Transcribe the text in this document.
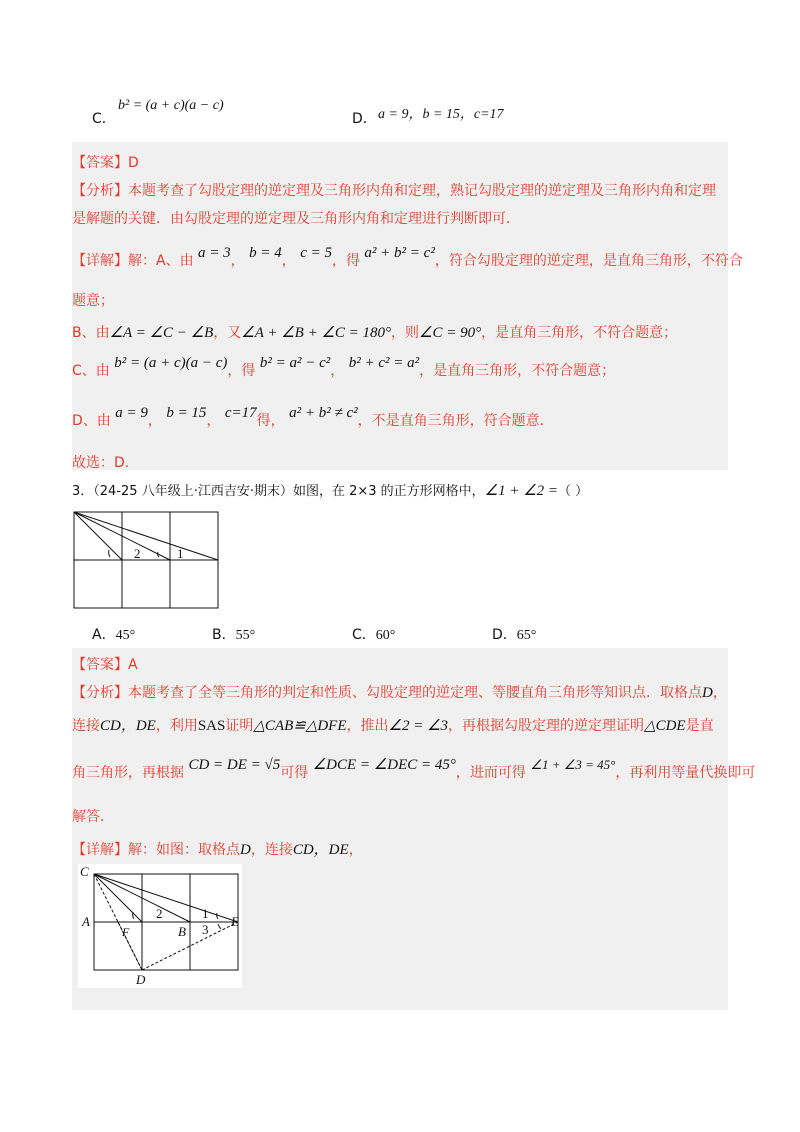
C．
b² = (a + c)(a − c)
D． a = 9，b = 15，c=17
【答案】D
【分析】本题考查了勾股定理的逆定理及三角形内角和定理，熟记勾股定理的逆定理及三角形内角和定理
是解题的关键．由勾股定理的逆定理及三角形内角和定理进行判断即可．
【详解】解：A、由 a = 3， b = 4， c = 5，得 a² + b² = c²，符合勾股定理的逆定理，是直角三角形，不符合
题意；
B、由∠A = ∠C − ∠B，又∠A + ∠B + ∠C = 180°，则∠C = 90°，是直角三角形，不符合题意；
C、由 b² = (a + c)(a − c)，得 b² = a² − c²， b² + c² = a²，是直角三角形，不符合题意；
D、由 a = 9， b = 15， c=17得， a² + b² ≠ c²，不是直角三角形，符合题意．
故选：D．
3．（24-25 八年级上·江西吉安·期末）如图，在 2×3 的正方形网格中，∠1 + ∠2 =（ ）
2	1
A．45°	B．55°	C．60°	D．65°
【答案】A
【分析】本题考查了全等三角形的判定和性质、勾股定理的逆定理、等腰直角三角形等知识点．取格点D，
连接CD，DE，利用SAS证明△CAB≌△DFE，推出∠2 = ∠3，再根据勾股定理的逆定理证明△CDE是直
角三角形，再根据 CD = DE = √5可得 ∠DCE = ∠DEC = 45°，进而可得 ∠1 + ∠3 = 45°，再利用等量代换即可
解答．
【详解】解：如图：取格点D，连接CD，DE，
C
A
F
D
B
E
2	1
3
